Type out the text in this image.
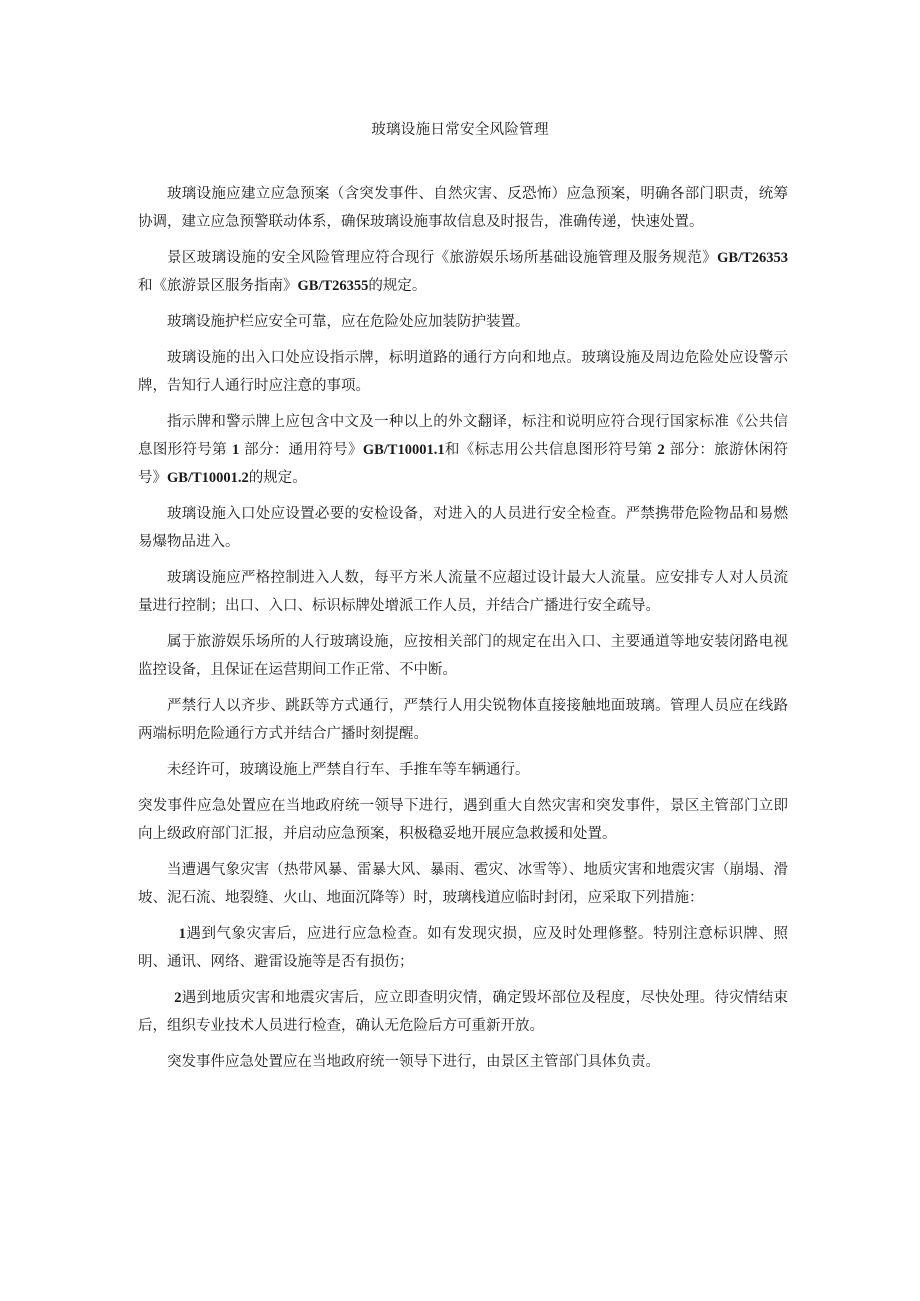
玻璃设施日常安全风险管理

玻璃设施应建立应急预案（含突发事件、自然灾害、反恐怖）应急预案，明确各部门职责，统筹协调，建立应急预警联动体系，确保玻璃设施事故信息及时报告，准确传递，快速处置。

景区玻璃设施的安全风险管理应符合现行《旅游娱乐场所基础设施管理及服务规范》GB/T26353和《旅游景区服务指南》GB/T26355的规定。

玻璃设施护栏应安全可靠，应在危险处应加装防护装置。

玻璃设施的出入口处应设指示牌，标明道路的通行方向和地点。玻璃设施及周边危险处应设警示牌，告知行人通行时应注意的事项。

指示牌和警示牌上应包含中文及一种以上的外文翻译，标注和说明应符合现行国家标准《公共信息图形符号第 1 部分：通用符号》GB/T10001.1和《标志用公共信息图形符号第 2 部分：旅游休闲符号》GB/T10001.2的规定。

玻璃设施入口处应设置必要的安检设备，对进入的人员进行安全检查。严禁携带危险物品和易燃易爆物品进入。

玻璃设施应严格控制进入人数，每平方米人流量不应超过设计最大人流量。应安排专人对人员流量进行控制；出口、入口、标识标牌处增派工作人员，并结合广播进行安全疏导。

属于旅游娱乐场所的人行玻璃设施，应按相关部门的规定在出入口、主要通道等地安装闭路电视监控设备，且保证在运营期间工作正常、不中断。

严禁行人以齐步、跳跃等方式通行，严禁行人用尖锐物体直接接触地面玻璃。管理人员应在线路两端标明危险通行方式并结合广播时刻提醒。

未经许可，玻璃设施上严禁自行车、手推车等车辆通行。

突发事件应急处置应在当地政府统一领导下进行，遇到重大自然灾害和突发事件，景区主管部门立即向上级政府部门汇报，并启动应急预案，积极稳妥地开展应急救援和处置。

当遭遇气象灾害（热带风暴、雷暴大风、暴雨、雹灾、冰雪等）、地质灾害和地震灾害（崩塌、滑坡、泥石流、地裂缝、火山、地面沉降等）时，玻璃栈道应临时封闭，应采取下列措施：

1遇到气象灾害后，应进行应急检查。如有发现灾损，应及时处理修整。特别注意标识牌、照明、通讯、网络、避雷设施等是否有损伤；

2遇到地质灾害和地震灾害后，应立即查明灾情，确定毁坏部位及程度，尽快处理。待灾情结束后，组织专业技术人员进行检查，确认无危险后方可重新开放。

突发事件应急处置应在当地政府统一领导下进行，由景区主管部门具体负责。
